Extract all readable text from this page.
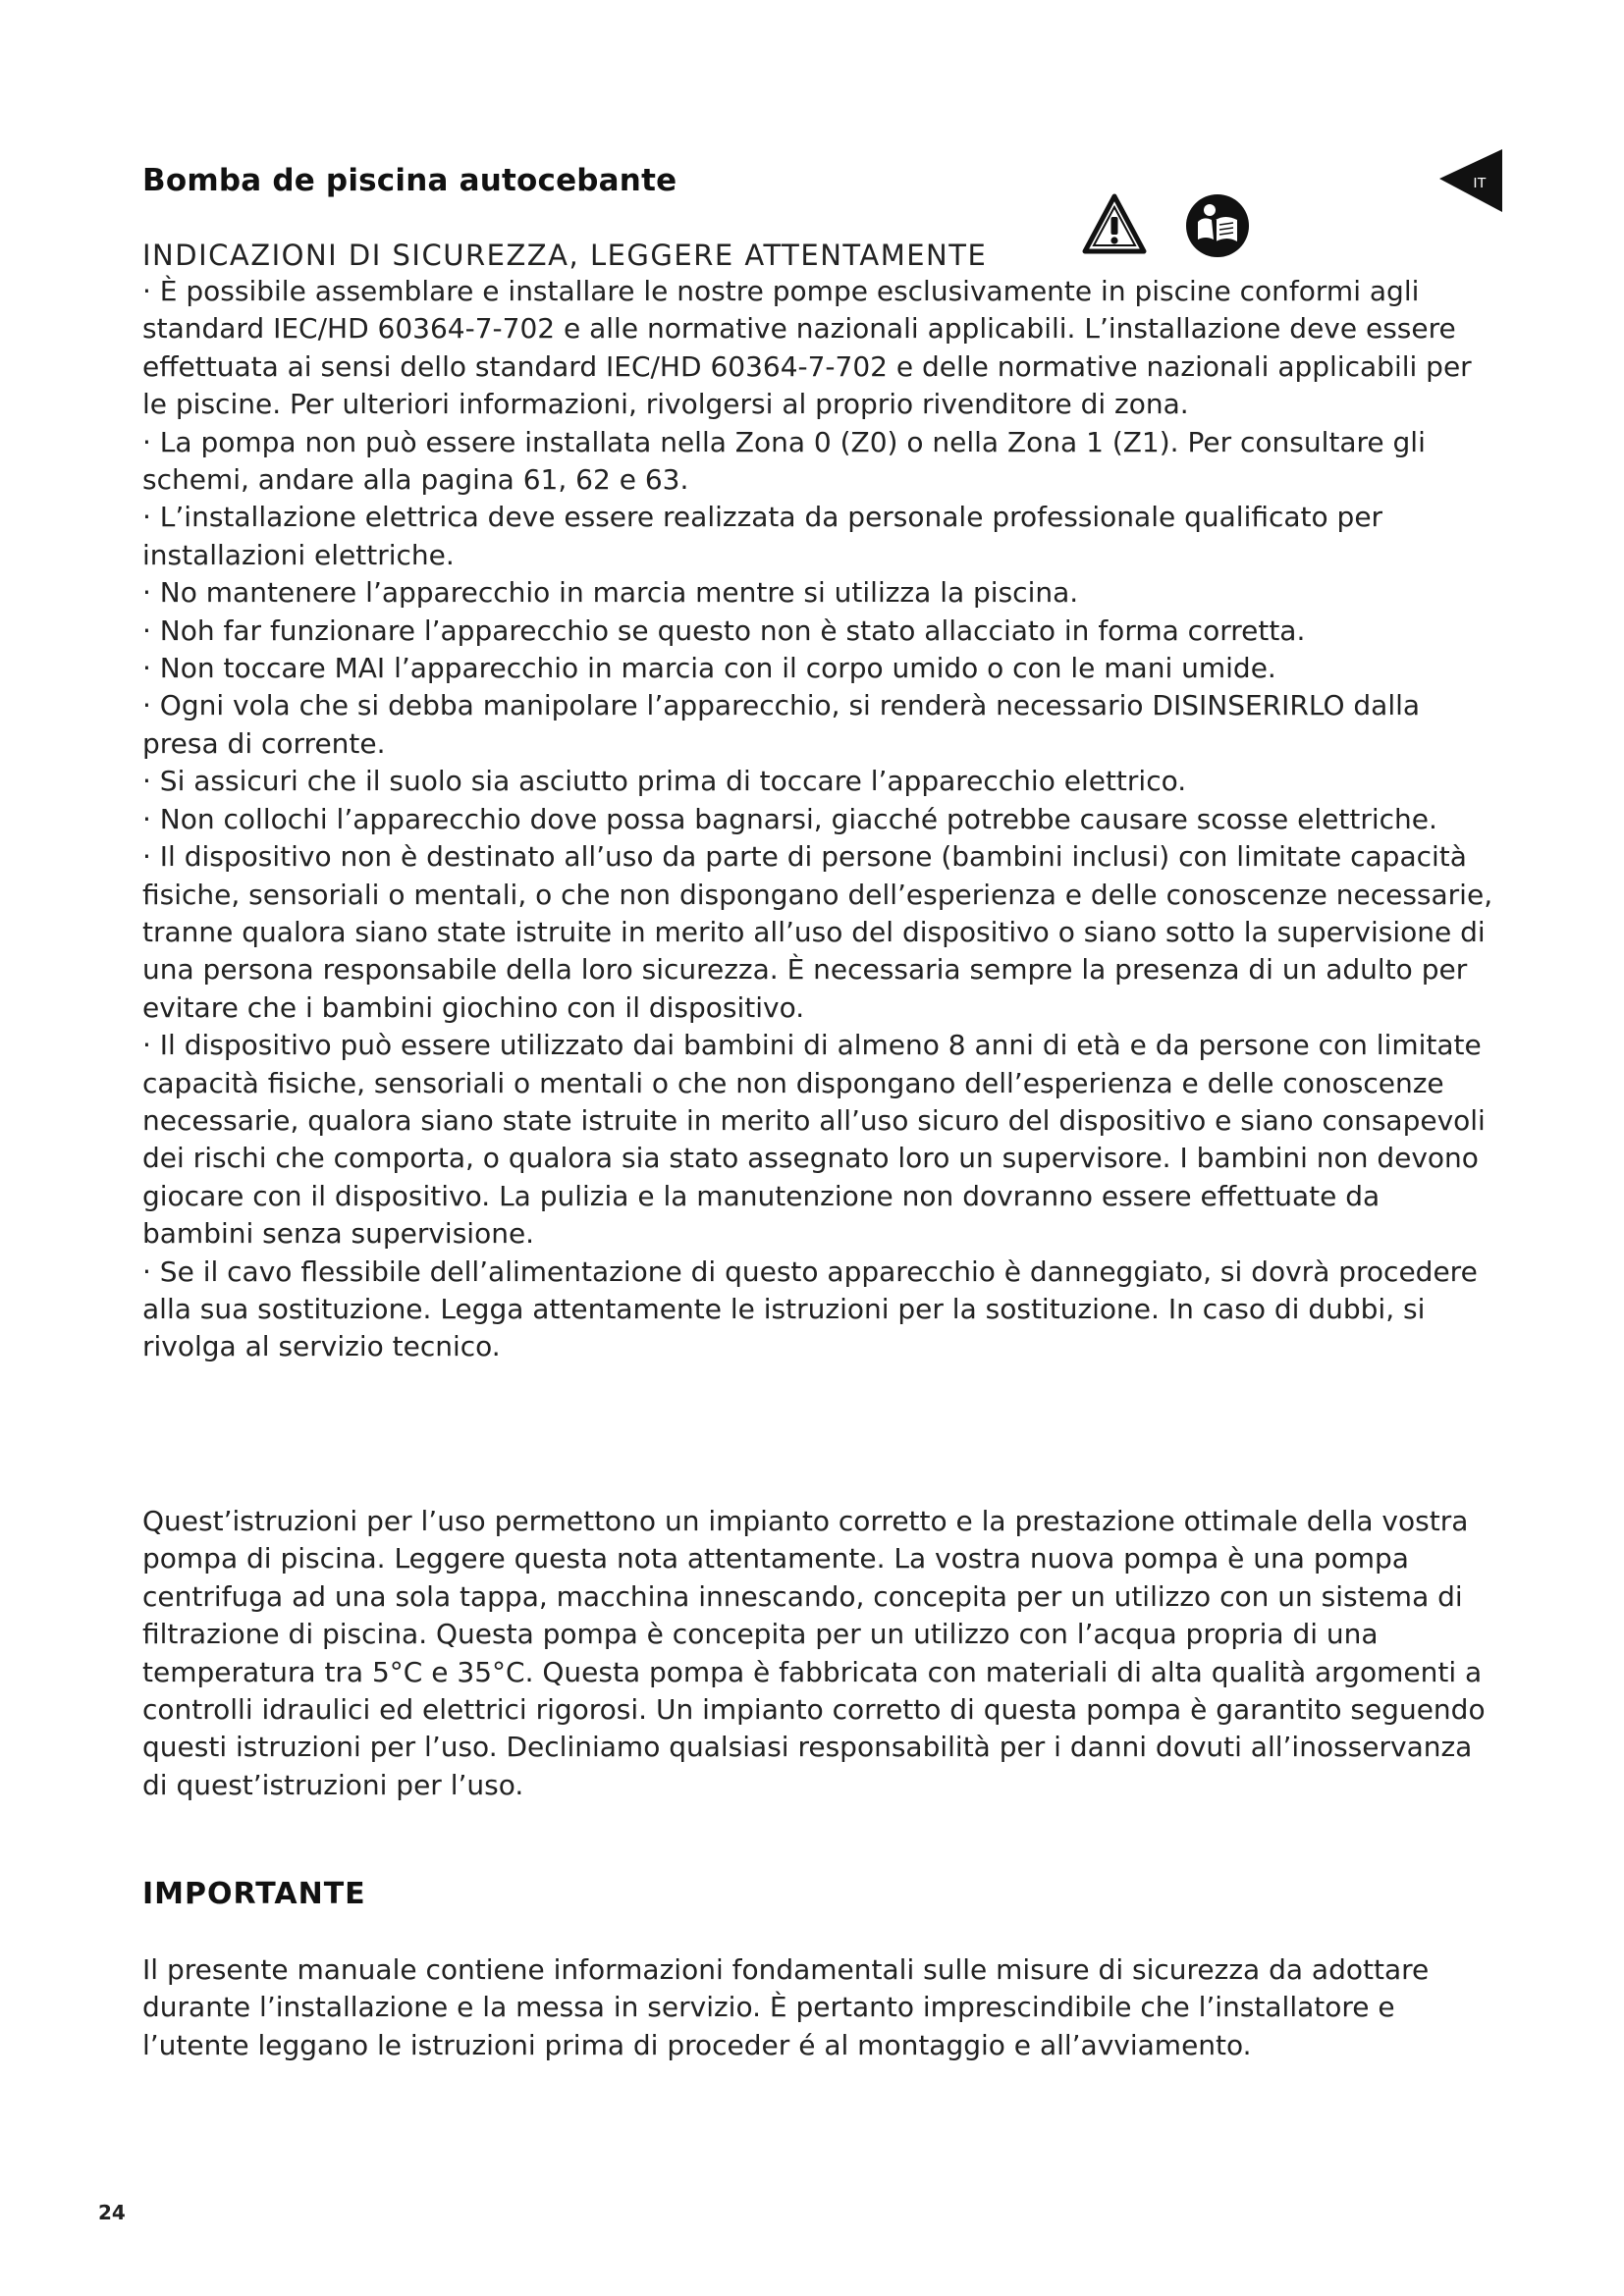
Bomba de piscina autocebante	IT
INDICAZIONI DI SICUREZZA, LEGGERE ATTENTAMENTE

· È possibile assemblare e installare le nostre pompe esclusivamente in piscine conformi agli standard IEC/HD 60364-7-702 e alle normative nazionali applicabili. L’installazione deve essere effettuata ai sensi dello standard IEC/HD 60364-7-702 e delle normative nazionali applicabili per le piscine. Per ulteriori informazioni, rivolgersi al proprio rivenditore di zona.

· La pompa non può essere installata nella Zona 0 (Z0) o nella Zona 1 (Z1). Per consultare gli schemi, andare alla pagina 61, 62 e 63.

· L’installazione elettrica deve essere realizzata da personale professionale qualificato per installazioni elettriche.

· No mantenere l’apparecchio in marcia mentre si utilizza la piscina.

· Noh far funzionare l’apparecchio se questo non è stato allacciato in forma corretta.

· Non toccare MAI l’apparecchio in marcia con il corpo umido o con le mani umide.

· Ogni vola che si debba manipolare l’apparecchio, si renderà necessario DISINSERIRLO dalla presa di corrente.

· Si assicuri che il suolo sia asciutto prima di toccare l’apparecchio elettrico.

· Non collochi l’apparecchio dove possa bagnarsi, giacché potrebbe causare scosse elettriche.

· Il dispositivo non è destinato all’uso da parte di persone (bambini inclusi) con limitate capacità fisiche, sensoriali o mentali, o che non dispongano dell’esperienza e delle conoscenze necessarie, tranne qualora siano state istruite in merito all’uso del dispositivo o siano sotto la supervisione di una persona responsabile della loro sicurezza. È necessaria sempre la presenza di un adulto per evitare che i bambini giochino con il dispositivo.

· Il dispositivo può essere utilizzato dai bambini di almeno 8 anni di età e da persone con limitate capacità fisiche, sensoriali o mentali o che non dispongano dell’esperienza e delle conoscenze necessarie, qualora siano state istruite in merito all’uso sicuro del dispositivo e siano consapevoli dei rischi che comporta, o qualora sia stato assegnato loro un supervisore. I bambini non devono giocare con il dispositivo. La pulizia e la manutenzione non dovranno essere effettuate da bambini senza supervisione.

· Se il cavo flessibile dell’alimentazione di questo apparecchio è danneggiato, si dovrà procedere alla sua sostituzione. Legga attentamente le istruzioni per la sostituzione. In caso di dubbi, si rivolga al servizio tecnico.

Quest’istruzioni per l’uso permettono un impianto corretto e la prestazione ottimale della vostra pompa di piscina. Leggere questa nota attentamente. La vostra nuova pompa è una pompa centrifuga ad una sola tappa, macchina innescando, concepita per un utilizzo con un sistema di filtrazione di piscina. Questa pompa è concepita per un utilizzo con l’acqua propria di una temperatura tra 5°C e 35°C. Questa pompa è fabbricata con materiali di alta qualità argomenti a controlli idraulici ed elettrici rigorosi. Un impianto corretto di questa pompa è garantito seguendo questi istruzioni per l’uso. Decliniamo qualsiasi responsabilità per i danni dovuti all’inosservanza di quest’istruzioni per l’uso.

IMPORTANTE

Il presente manuale contiene informazioni fondamentali sulle misure di sicurezza da adottare durante l’installazione e la messa in servizio. È pertanto imprescindibile che l’installatore e l’utente leggano le istruzioni prima di proceder é al montaggio e all’avviamento.

24
